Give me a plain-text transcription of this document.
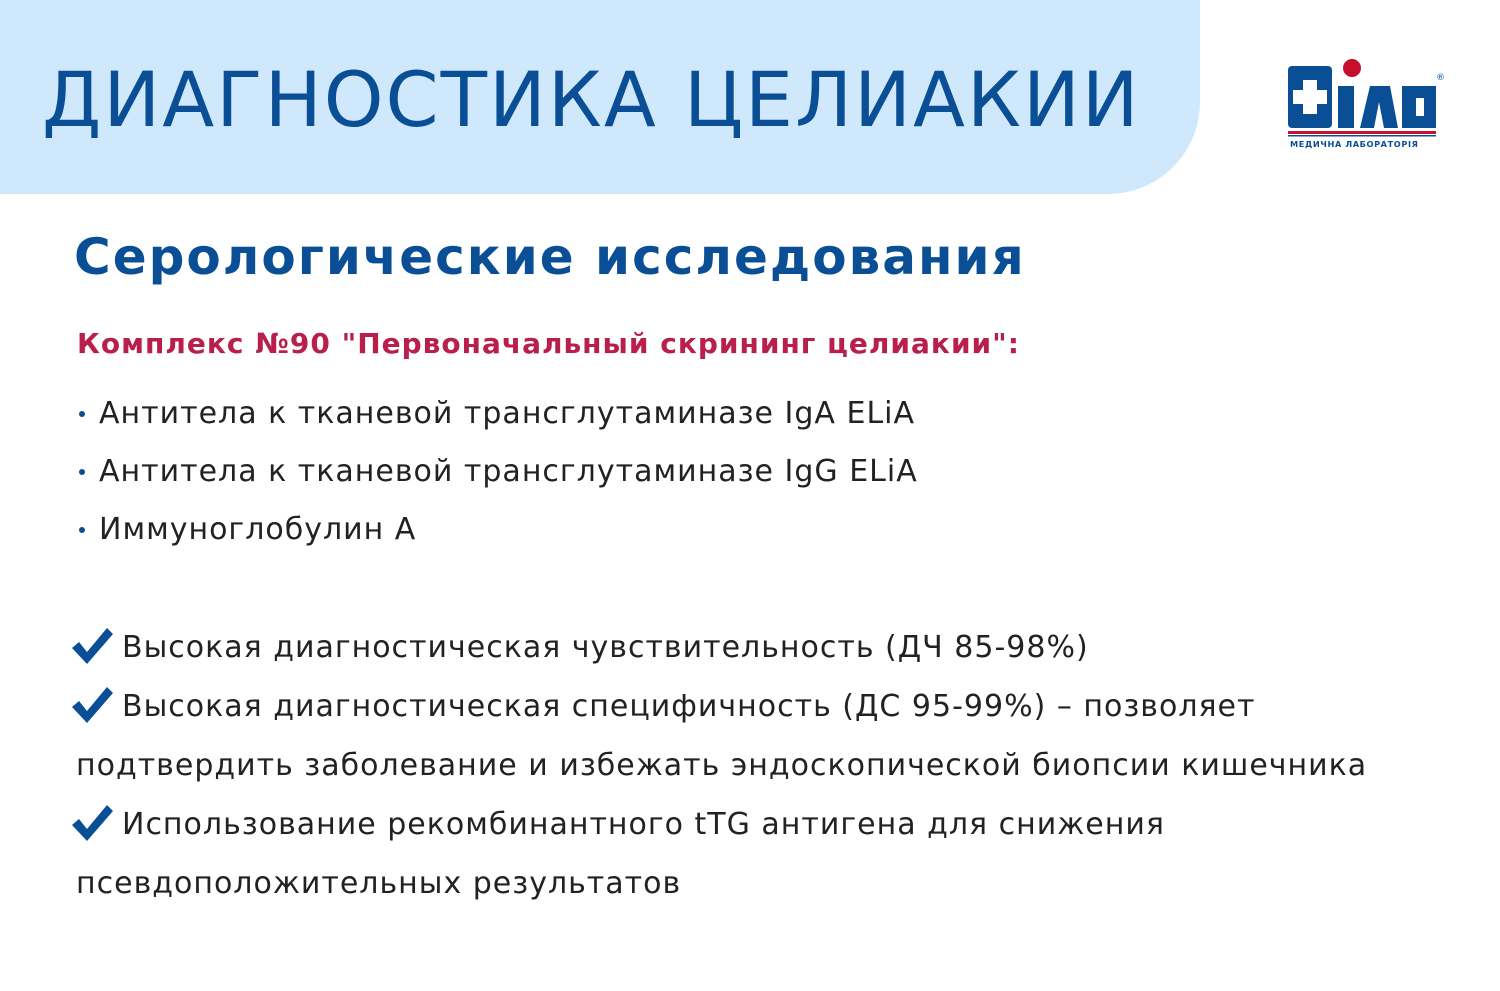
ДИАГНОСТИКА ЦЕЛИАКИИ	®
МЕДИЧНА ЛАБОРАТОРІЯ
Серологические исследования

Комплекс №90 "Первоначальный скрининг целиакии":

Антитела к тканевой трансглутаминазе IgA ELiA
Антитела к тканевой трансглутаминазе IgG ELiA
Иммуноглобулин А
Высокая диагностическая чувствительность (ДЧ 85-98%)
Высокая диагностическая специфичность (ДС 95-99%) – позволяет подтвердить заболевание и избежать эндоскопической биопсии кишечника
Использование рекомбинантного tTG антигена для снижения псевдоположительных результатов
